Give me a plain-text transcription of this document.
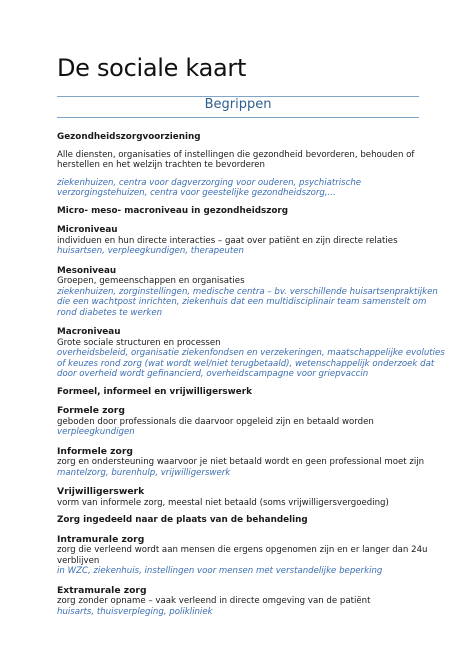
De sociale kaart
Begrippen
Gezondheidszorgvoorziening
Alle diensten, organisaties of instellingen die gezondheid bevorderen, behouden of
herstellen en het welzijn trachten te bevorderen
ziekenhuizen, centra voor dagverzorging voor ouderen, psychiatrische
verzorgingstehuizen, centra voor geestelijke gezondheidszorg,...
Micro- meso- macroniveau in gezondheidszorg
Microniveau
individuen en hun directe interacties – gaat over patiënt en zijn directe relaties
huisartsen, verpleegkundigen, therapeuten
Mesoniveau
Groepen, gemeenschappen en organisaties
ziekenhuizen, zorginstellingen, medische centra – bv. verschillende huisartsenpraktijken
die een wachtpost inrichten, ziekenhuis dat een multidisciplinair team samenstelt om
rond diabetes te werken
Macroniveau
Grote sociale structuren en processen
overheidsbeleid, organisatie ziekenfondsen en verzekeringen, maatschappelijke evoluties
of keuzes rond zorg (wat wordt wel/niet terugbetaald), wetenschappelijk onderzoek dat
door overheid wordt gefinancierd, overheidscampagne voor griepvaccin
Formeel, informeel en vrijwilligerswerk
Formele zorg
geboden door professionals die daarvoor opgeleid zijn en betaald worden
verpleegkundigen
Informele zorg
zorg en ondersteuning waarvoor je niet betaald wordt en geen professional moet zijn
mantelzorg, burenhulp, vrijwilligerswerk
Vrijwilligerswerk
vorm van informele zorg, meestal niet betaald (soms vrijwilligersvergoeding)
Zorg ingedeeld naar de plaats van de behandeling
Intramurale zorg
zorg die verleend wordt aan mensen die ergens opgenomen zijn en er langer dan 24u
verblijven
in WZC, ziekenhuis, instellingen voor mensen met verstandelijke beperking
Extramurale zorg
zorg zonder opname – vaak verleend in directe omgeving van de patiënt
huisarts, thuisverpleging, polikliniek
